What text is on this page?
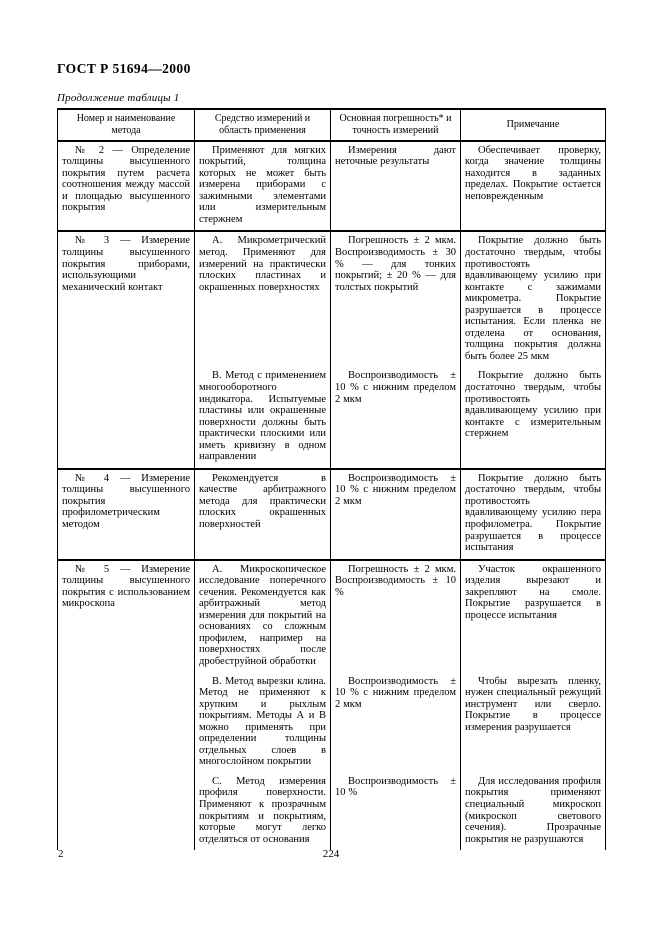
ГОСТ Р 51694—2000
Продолжение таблицы 1
Номер и наименование метода	Средство измерений и область применения	Основная погрешность* и точность измерений	Примечание

№ 2 — Определение толщины высушенного покрытия путем расчета соотношения между массой и площадью высушенного покрытия	Применяют для мягких покрытий, толщина которых не может быть измерена приборами с зажимными элементами или измерительным стержнем	Измерения дают неточные результаты	Обеспечивает проверку, когда значение толщины находится в заданных пределах. Покрытие остается неповрежденным

№ 3 — Измерение толщины высушенного покрытия приборами, использующими механический контакт	А. Микрометрический метод. Применяют для измерений на практически плоских пластинах и окрашенных поверхностях	Погрешность ± 2 мкм. Воспроизводимость ± 30 % — для тонких покрытий; ± 20 % — для толстых покрытий	Покрытие должно быть достаточно твердым, чтобы противостоять вдавливающему усилию при контакте с зажимами микрометра. Покрытие разрушается в процессе испытания. Если пленка не отделена от основания, толщина покрытия должна быть более 25 мкм

	В. Метод с применением многооборотного индикатора. Испытуемые пластины или окрашенные поверхности должны быть практически плоскими или иметь кривизну в одном направлении	Воспроизводимость ± 10 % с нижним пределом 2 мкм	Покрытие должно быть достаточно твердым, чтобы противостоять вдавливающему усилию при контакте с измерительным стержнем

№ 4 — Измерение толщины высушенного покрытия профилометрическим методом	Рекомендуется в качестве арбитражного метода для практически плоских окрашенных поверхностей	Воспроизводимость ± 10 % с нижним пределом 2 мкм	Покрытие должно быть достаточно твердым, чтобы противостоять вдавливающему усилию пера профилометра. Покрытие разрушается в процессе испытания

№ 5 — Измерение толщины высушенного покрытия с использованием микроскопа	А. Микроскопическое исследование поперечного сечения. Рекомендуется как арбитражный метод измерения для покрытий на основаниях со сложным профилем, например на поверхностях после дробеструйной обработки	Погрешность ± 2 мкм. Воспроизводимость ± 10 %	Участок окрашенного изделия вырезают и закрепляют на смоле. Покрытие разрушается в процессе испытания

	В. Метод вырезки клина. Метод не применяют к хрупким и рыхлым покрытиям. Методы А и В можно применять при определении толщины отдельных слоев в многослойном покрытии	Воспроизводимость ± 10 % с нижним пределом 2 мкм	Чтобы вырезать пленку, нужен специальный режущий инструмент или сверло. Покрытие в процессе измерения разрушается

	С. Метод измерения профиля поверхности. Применяют к прозрачным покрытиям и покрытиям, которые могут легко отделяться от основания	Воспроизводимость ± 10 %	Для исследования профиля покрытия применяют специальный микроскоп (микроскоп светового сечения). Прозрачные покрытия не разрушаются
2	224
